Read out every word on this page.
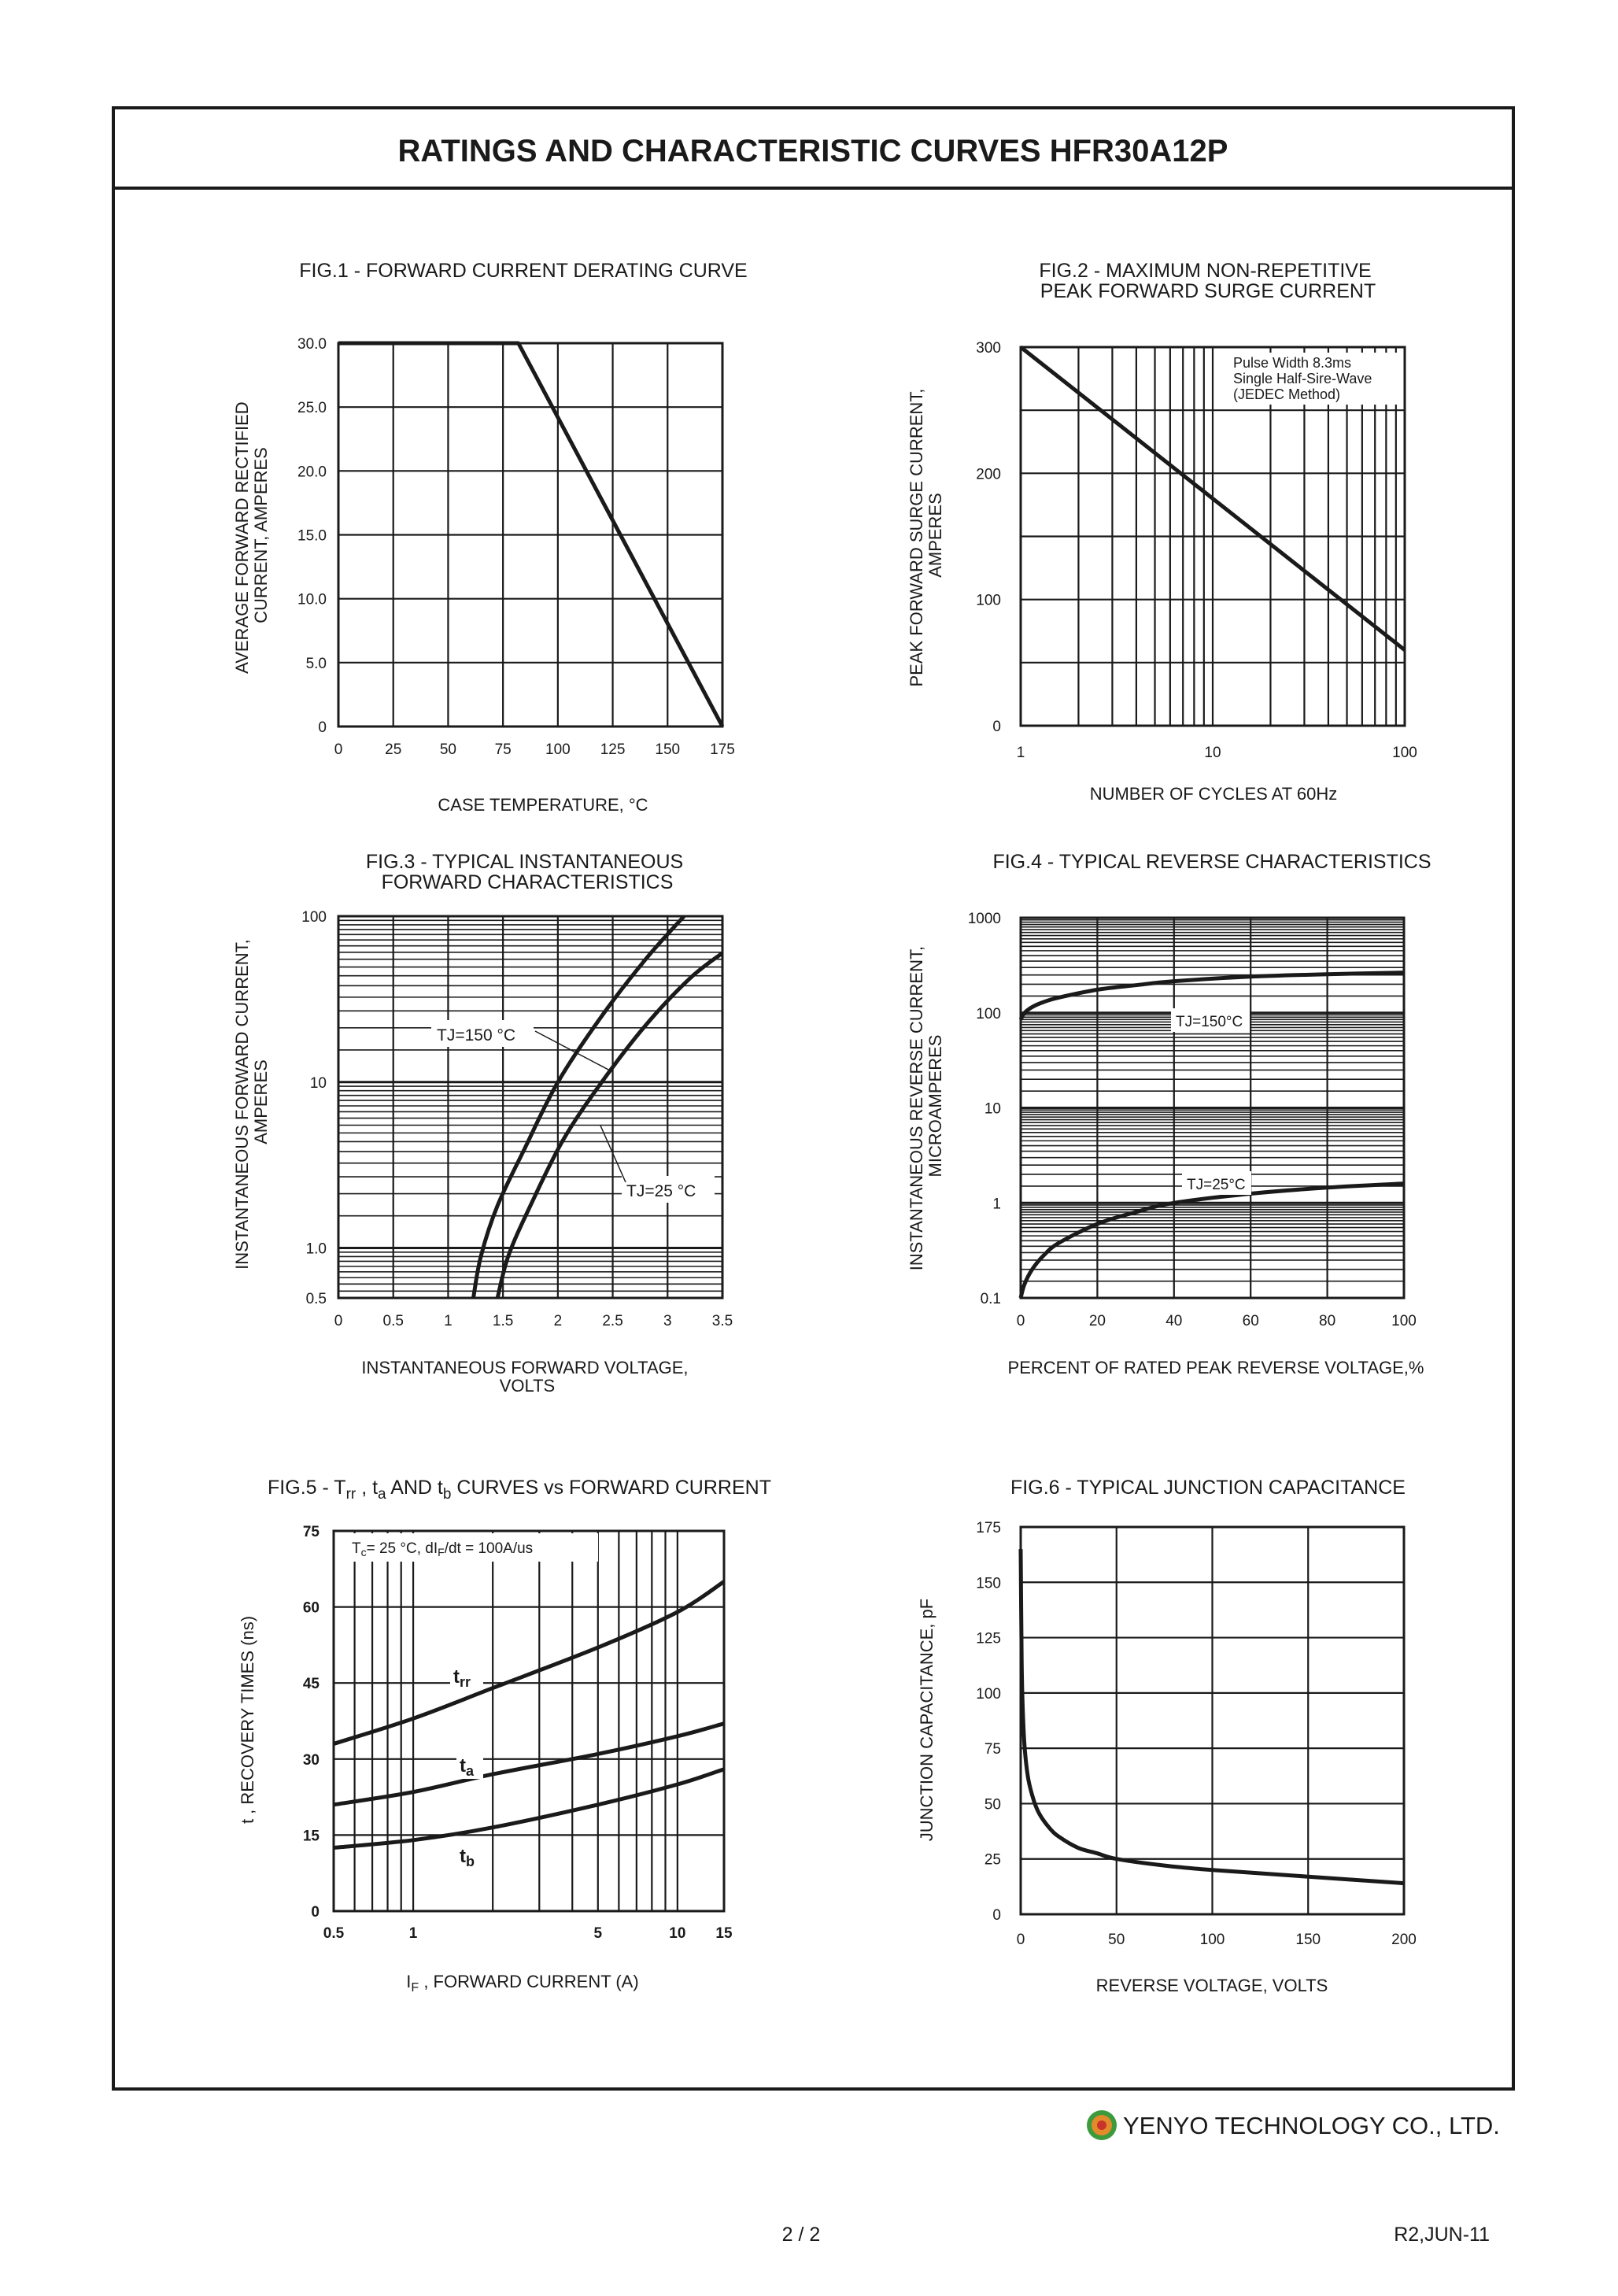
RATINGS AND CHARACTERISTIC CURVES HFR30A12P
FIG.1 - FORWARD CURRENT DERATING CURVE
0	25	50	75 100 125 150 175
0
5.0
10.0
15.0
20.0
25.0
30.0
AVERAGE FORWARD RECTIFIED CURRENT, AMPERES
CASE TEMPERATURE, °C
FIG.2 - MAXIMUM NON-REPETITIVE PEAK FORWARD SURGE CURRENT
1	10	100
0
100
200
300
Pulse Width 8.3ms
Single Half-Sire-Wave
(JEDEC Method)
PEAK FORWARD SURGE CURRENT, AMPERES
NUMBER OF CYCLES AT 60Hz
FIG.3 - TYPICAL INSTANTANEOUS FORWARD CHARACTERISTICS
0	0.5	1	1.5	2	2.5	3	3.5
0.5
1.0
10
100
TJ=150 °C
TJ=25 °C
INSTANTANEOUS FORWARD CURRENT, AMPERES
INSTANTANEOUS FORWARD VOLTAGE, VOLTS
FIG.4 - TYPICAL REVERSE CHARACTERISTICS
0	20	40	60	80	100
0.1
1
10
100
1000
TJ=150°C
TJ=25°C
INSTANTANEOUS REVERSE CURRENT, MICROAMPERES
PERCENT OF RATED PEAK REVERSE VOLTAGE,%
$FIG.5 - T_{rr}$ , $t_a$ AND $t_b$ CURVES vs FORWARD CURRENT
0.5	1	5	10 15
0
15
30
45
60
75
$T_c= 25$ °C, $dI_F/dt = 100A/us$
$t_{rr}$
$t_a$
$t_b$
t , RECOVERY TIMES (ns)
$I_F$ , FORWARD CURRENT (A)
FIG.6 - TYPICAL JUNCTION CAPACITANCE
0	50	100	150	200
0
25
50
75
100
125
150
175
JUNCTION CAPACITANCE, pF
REVERSE VOLTAGE, VOLTS
YENYO TECHNOLOGY CO., LTD.
2 / 2	R2,JUN-11
